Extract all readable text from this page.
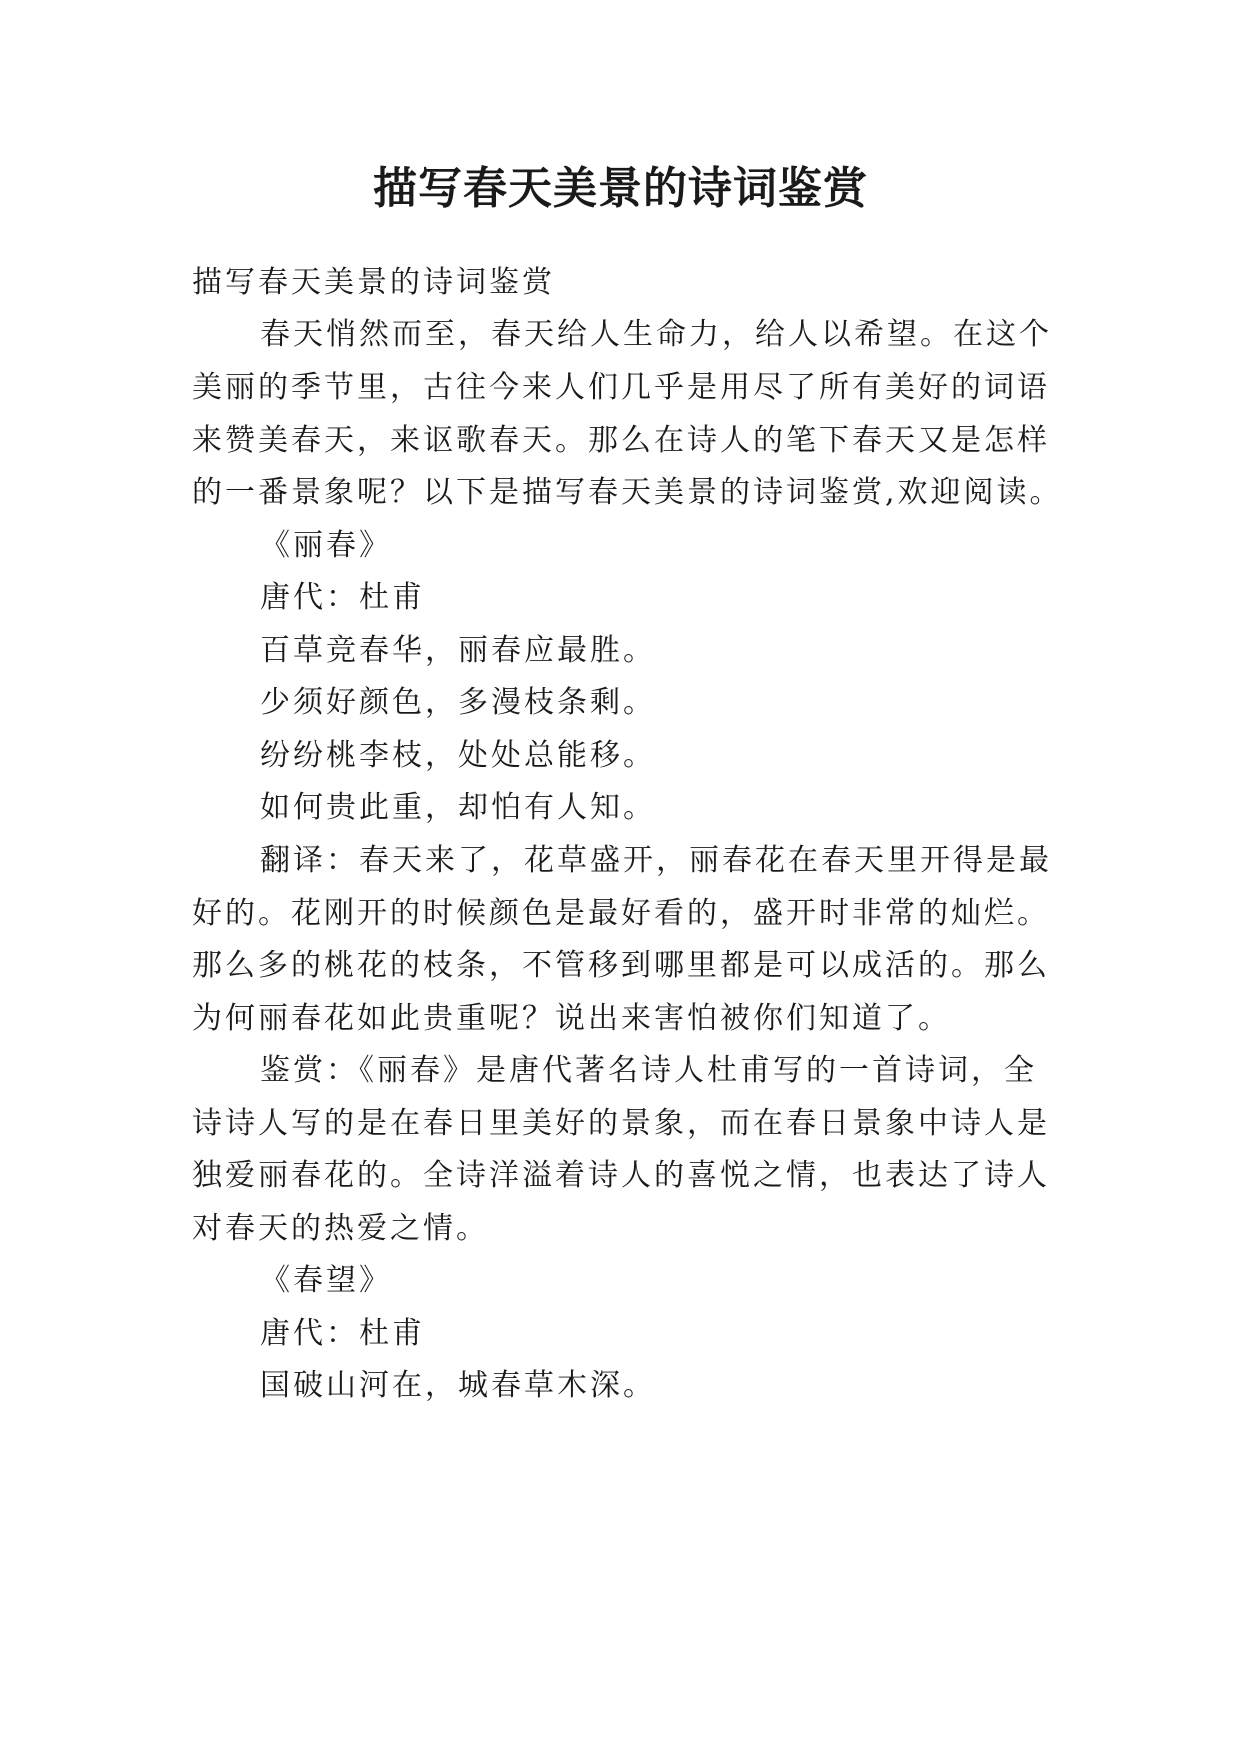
描写春天美景的诗词鉴赏
描写春天美景的诗词鉴赏
春天悄然而至，春天给人生命力，给人以希望。在这个
美丽的季节里，古往今来人们几乎是用尽了所有美好的词语
来赞美春天，来讴歌春天。那么在诗人的笔下春天又是怎样
的一番景象呢？以下是描写春天美景的诗词鉴赏,欢迎阅读。
《丽春》
唐代：杜甫
百草竞春华，丽春应最胜。
少须好颜色，多漫枝条剩。
纷纷桃李枝，处处总能移。
如何贵此重，却怕有人知。
翻译：春天来了，花草盛开，丽春花在春天里开得是最
好的。花刚开的时候颜色是最好看的，盛开时非常的灿烂。
那么多的桃花的枝条，不管移到哪里都是可以成活的。那么
为何丽春花如此贵重呢？说出来害怕被你们知道了。
鉴赏：《丽春》是唐代著名诗人杜甫写的一首诗词，全
诗诗人写的是在春日里美好的景象，而在春日景象中诗人是
独爱丽春花的。全诗洋溢着诗人的喜悦之情，也表达了诗人
对春天的热爱之情。
《春望》
唐代：杜甫
国破山河在，城春草木深。
